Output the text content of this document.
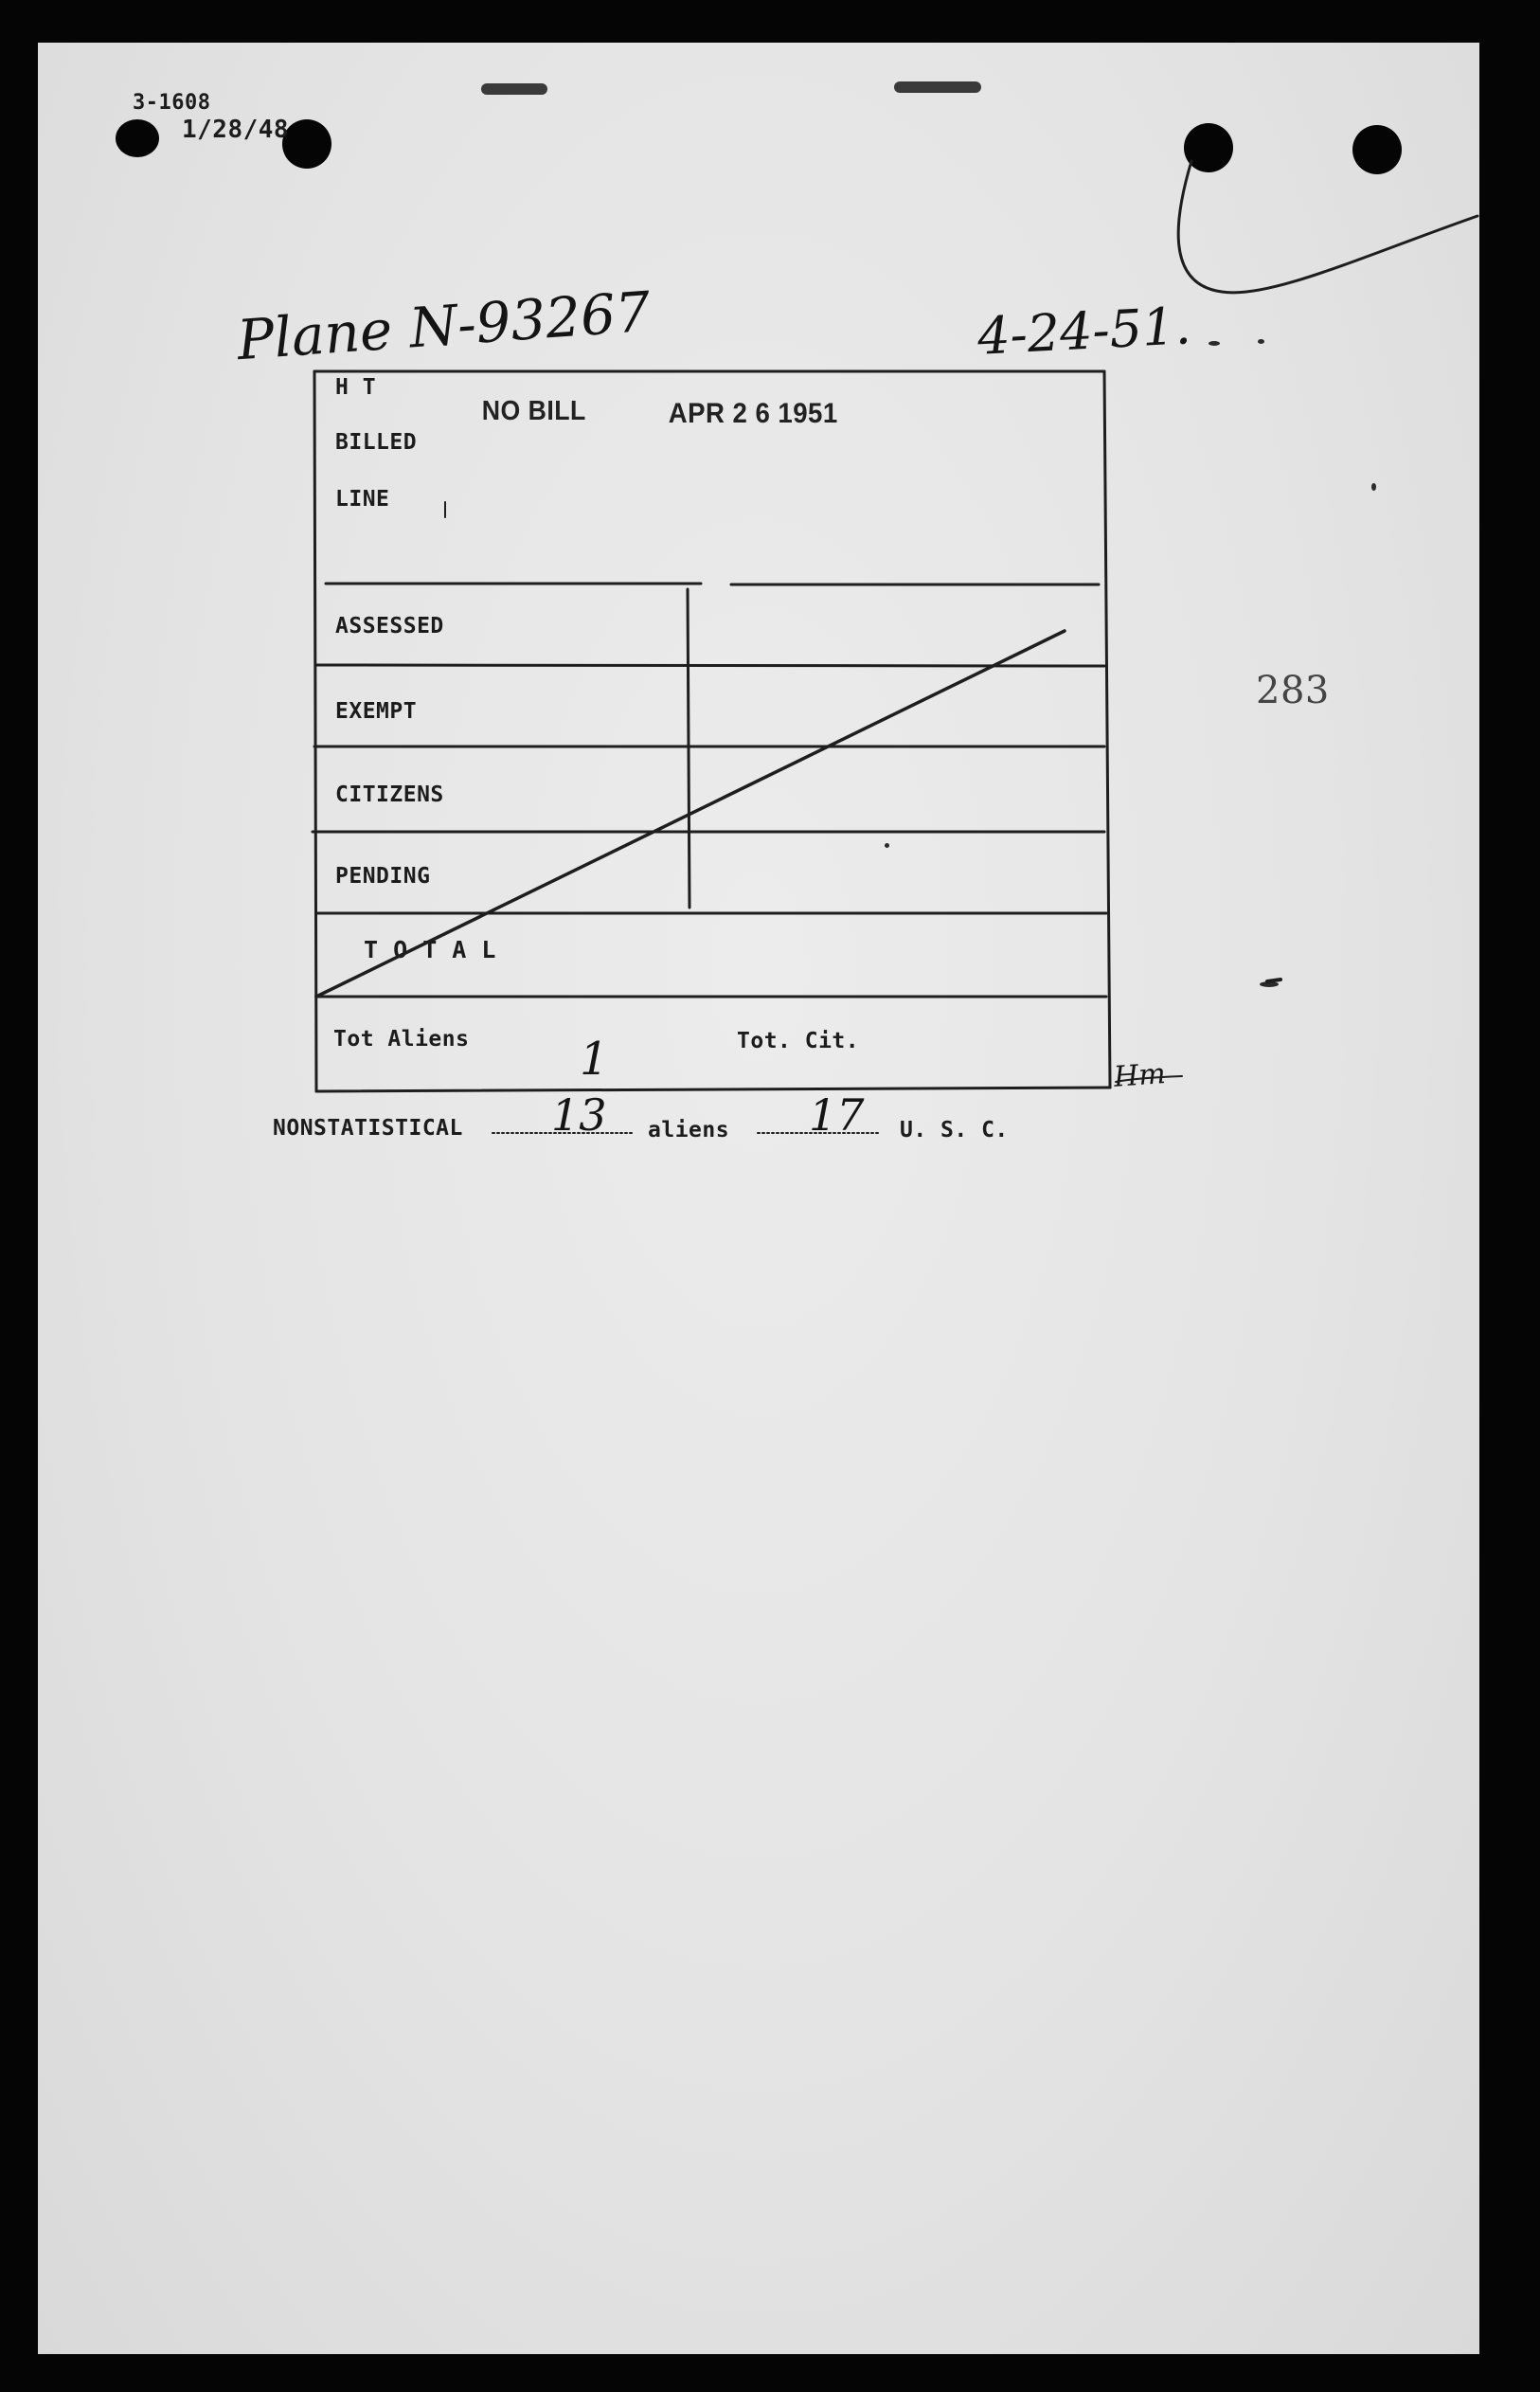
3-1608
1/28/48
Plane N-93267	4-24-51.
283
NO BILL	APR 2 6 1951
H T
BILLED
LINE
ASSESSED
EXEMPT
CITIZENS
PENDING
T O T A L
Tot Aliens	Tot. Cit.
1	Hm
NONSTATISTICAL 13 aliens 17 U. S. C.
